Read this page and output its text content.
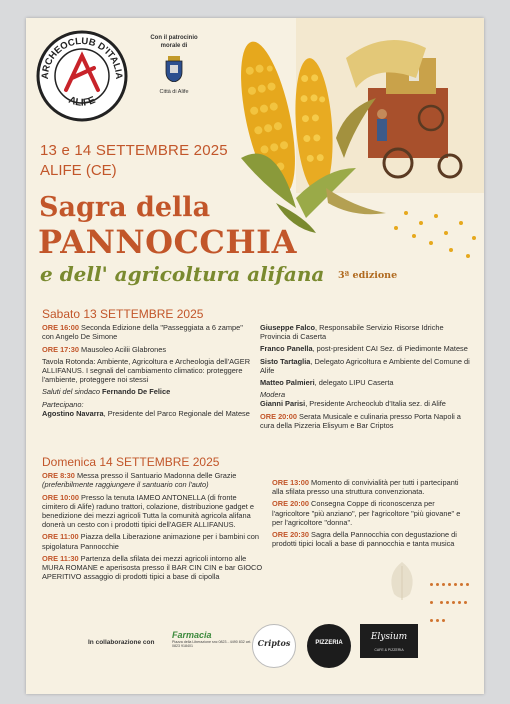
ARCHEOCLUB D'ITALIA
ALIFE
Con il patrocinio
morale di
Città di Alife
13 e 14 SETTEMBRE 2025
ALIFE (CE)
Sagra della
PANNOCCHIA
e dell' agricoltura alifana 3ª edizione
Sabato 13 SETTEMBRE 2025

ORE 16:00 Seconda Edizione della "Passeggiata a 6 zampe" con Angelo De Simone

ORE 17:30 Mausoleo Acilii Glabrones

Tavola Rotonda: Ambiente, Agricoltura e Archeologia dell'AGER ALLIFANUS. I segnali del cambiamento climatico: proteggere l'ambiente, proteggere noi stessi

Saluti del sindaco Fernando De Felice

Partecipano:

Agostino Navarra, Presidente del Parco Regionale del Matese

Giuseppe Falco, Responsabile Servizio Risorse Idriche Provincia di Caserta

Franco Panella, post-president CAI Sez. di Piedimonte Matese

Sisto Tartaglia, Delegato Agricoltura e Ambiente del Comune di Alife

Matteo Palmieri, delegato LIPU Caserta

Modera

Gianni Parisi, Presidente Archeoclub d'Italia sez. di Alife

ORE 20:00 Serata Musicale e culinaria presso Porta Napoli a cura della Pizzeria Elisyum e Bar Criptos

Domenica 14 SETTEMBRE 2025

ORE 8:30 Messa presso il Santuario Madonna delle Grazie (preferibilmente raggiungere il santuario con l'auto)

ORE 10:00 Presso la tenuta IAMEO ANTONELLA (di fronte cimitero di Alife) raduno trattori, colazione, distribuzione gadget e benedizione dei mezzi agricoli Tutta la comunità agricola alifana donerà un cesto con i prodotti tipici dell'AGER ALLIFANUS.

ORE 11:00 Piazza della Liberazione animazione per i bambini con spigolatura Pannocchie

ORE 11:30 Partenza della sfilata dei mezzi agricoli intorno alle MURA ROMANE e aperisosta presso il BAR CIN CIN e bar GIOCO APERITIVO assaggio di prodotti tipici a base di cipolla

ORE 13:00 Momento di convivialità per tutti i partecipanti alla sfilata presso una struttura convenzionata.

ORE 20:00 Consegna Coppe di riconoscenza per l'agricoltore "più anziano", per l'agricoltore "più giovane" e per l'agricoltore "donna".

ORE 20:30 Sagra della Pannocchia con degustazione di prodotti tipici locali a base di pannocchia e tanta musica

In collaborazione con
Farmacia
Piazza della Liberazione snc 0823 - 4490 832 cel. 0823 918401	Criptos	PIZZERIA
Elysium
CAFE & PIZZERIA
